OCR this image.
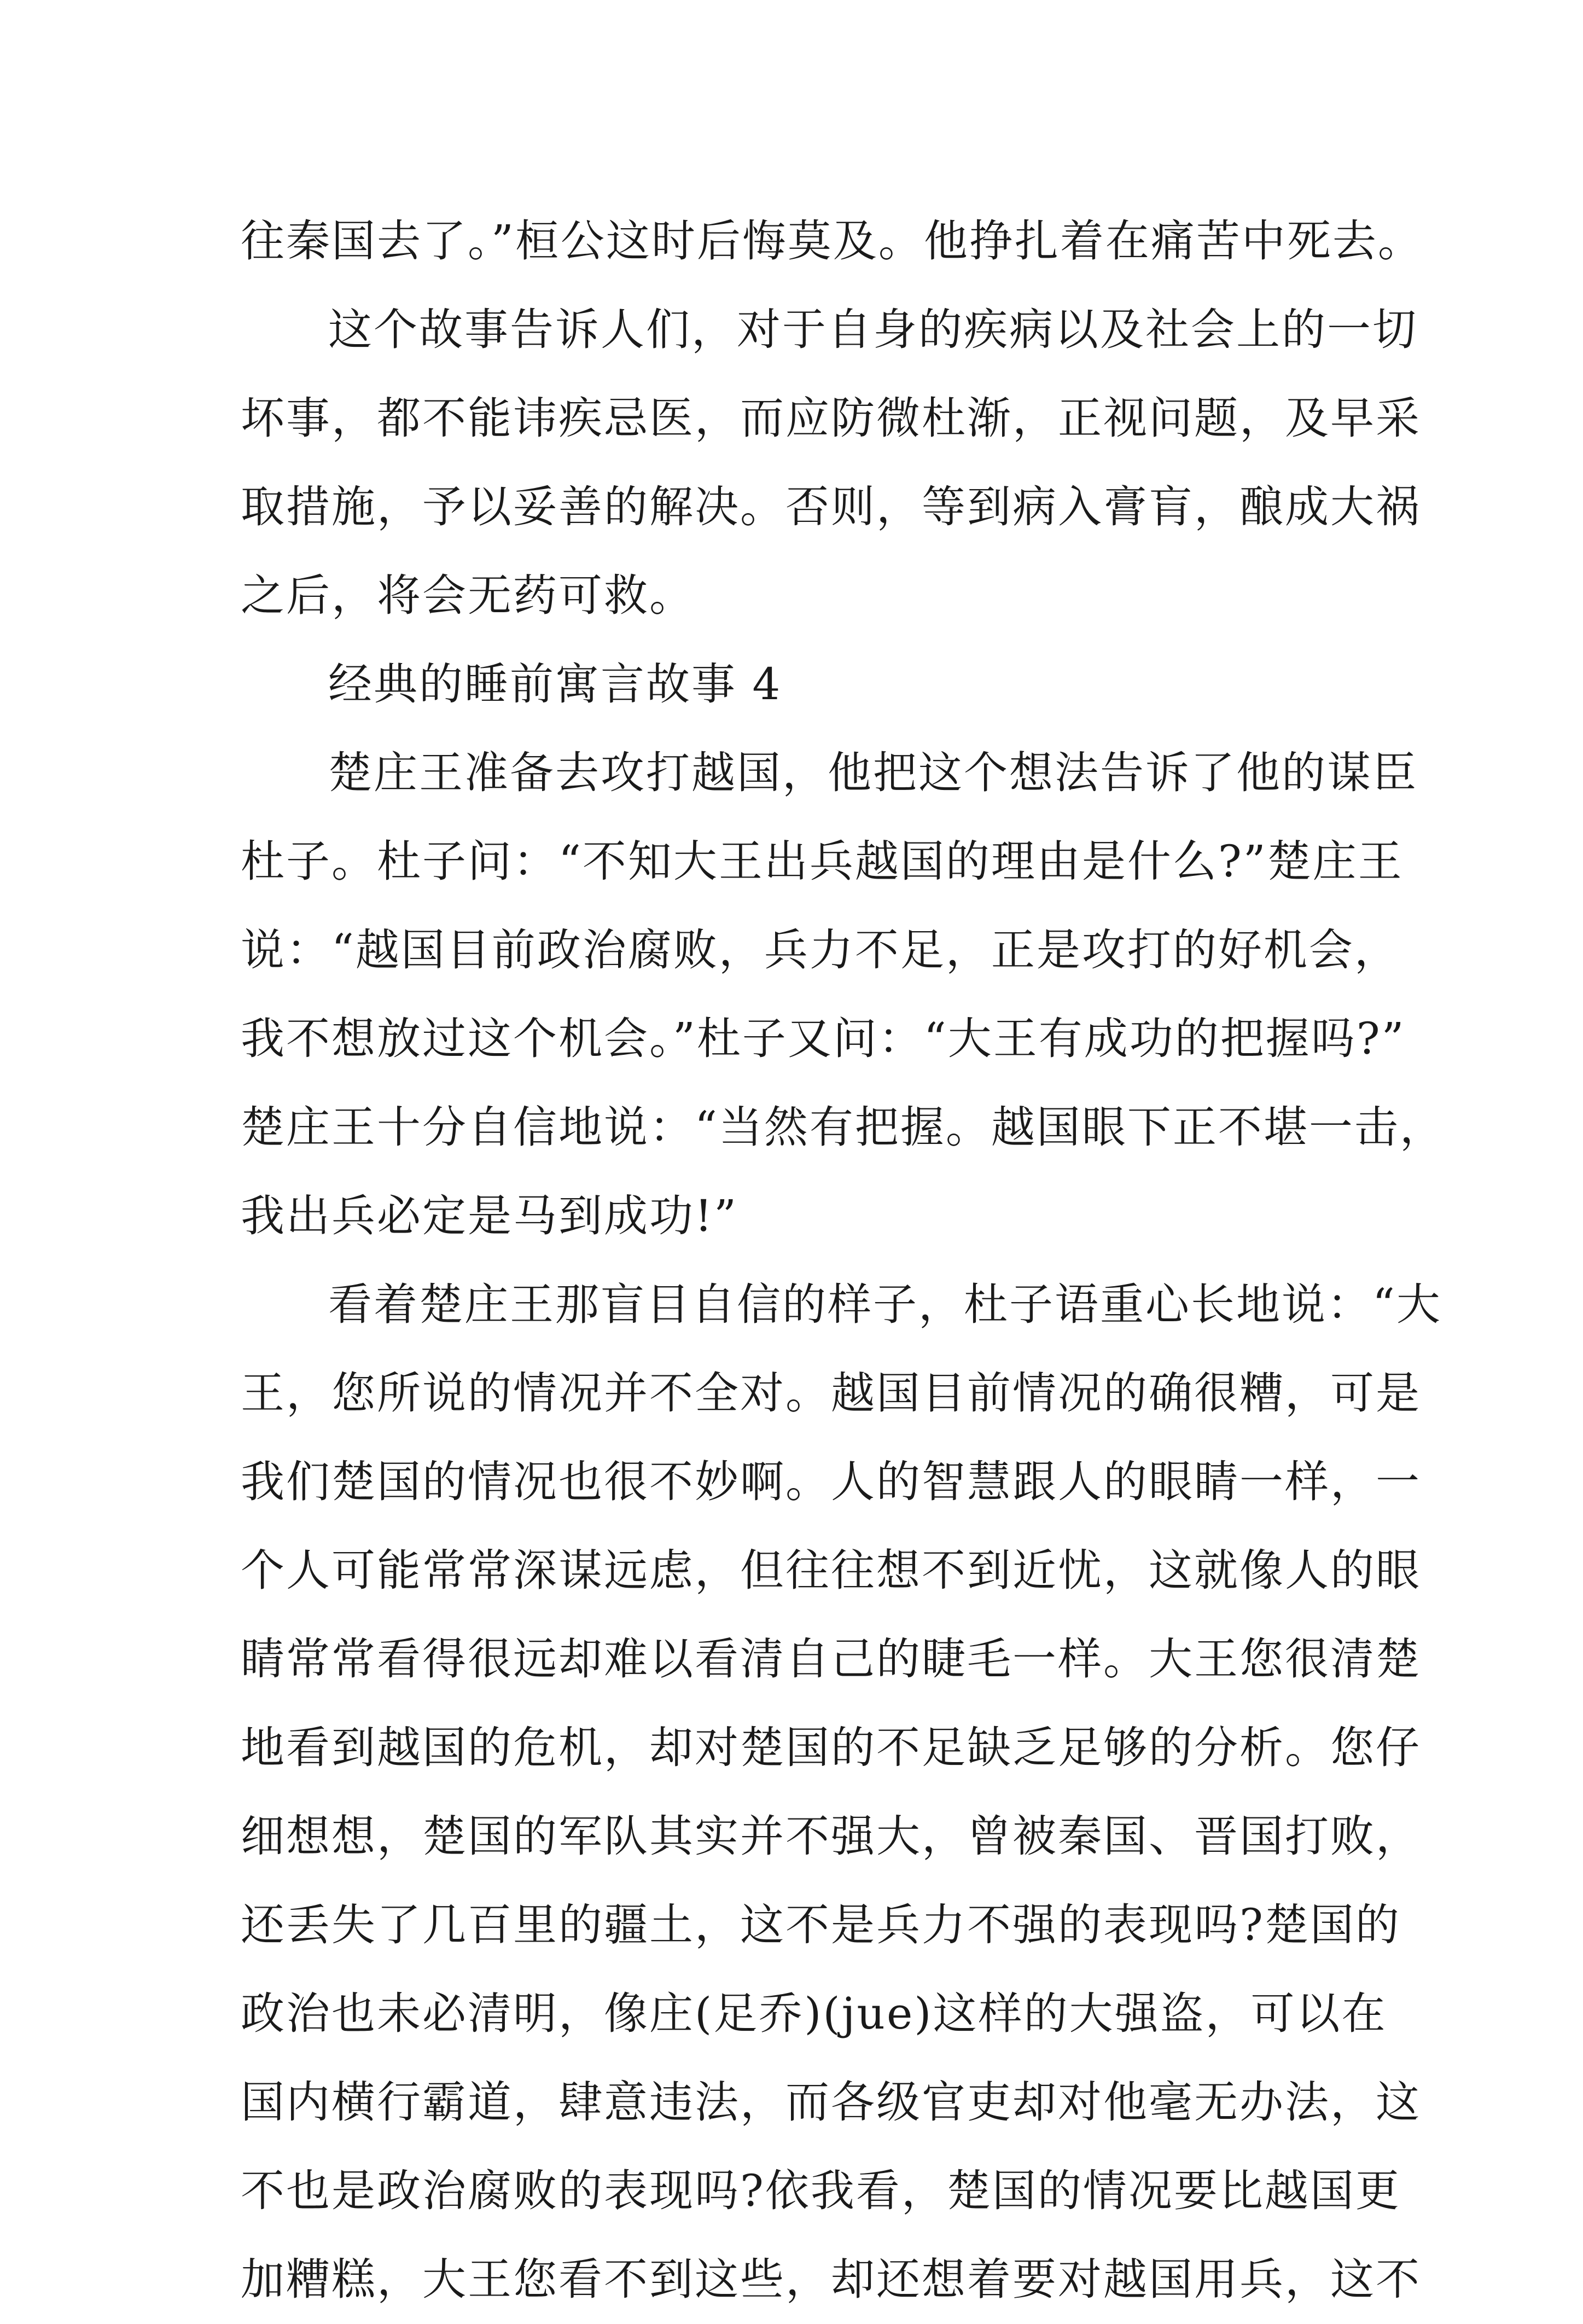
往秦国去了。”桓公这时后悔莫及。他挣扎着在痛苦中死去。
这个故事告诉人们，对于自身的疾病以及社会上的一切
坏事，都不能讳疾忌医，而应防微杜渐，正视问题，及早采
取措施，予以妥善的解决。否则，等到病入膏肓，酿成大祸
之后，将会无药可救。
经典的睡前寓言故事 4
楚庄王准备去攻打越国，他把这个想法告诉了他的谋臣
杜子。杜子问：“不知大王出兵越国的理由是什么?”楚庄王
说：“越国目前政治腐败，兵力不足，正是攻打的好机会，
我不想放过这个机会。”杜子又问：“大王有成功的把握吗?”
楚庄王十分自信地说：“当然有把握。越国眼下正不堪一击，
我出兵必定是马到成功!”
看着楚庄王那盲目自信的样子，杜子语重心长地说：“大
王，您所说的情况并不全对。越国目前情况的确很糟，可是
我们楚国的情况也很不妙啊。人的智慧跟人的眼睛一样，一
个人可能常常深谋远虑，但往往想不到近忧，这就像人的眼
睛常常看得很远却难以看清自己的睫毛一样。大王您很清楚
地看到越国的危机，却对楚国的不足缺乏足够的分析。您仔
细想想，楚国的军队其实并不强大，曾被秦国、晋国打败，
还丢失了几百里的疆土，这不是兵力不强的表现吗?楚国的
政治也未必清明，像庄(足乔)(jue)这样的大强盗，可以在
国内横行霸道，肆意违法，而各级官吏却对他毫无办法，这
不也是政治腐败的表现吗?依我看，楚国的情况要比越国更
加糟糕，大王您看不到这些，却还想着要对越国用兵，这不
